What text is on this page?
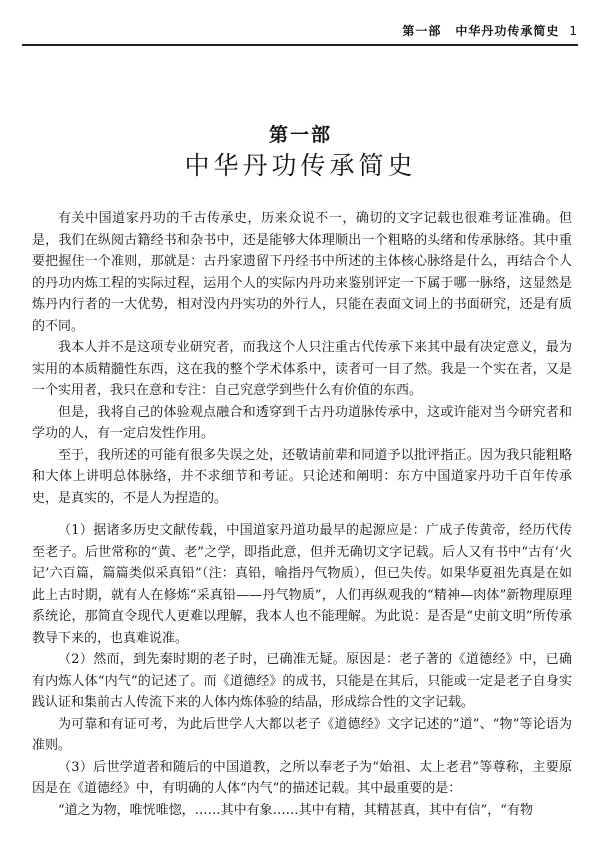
第一部 中华丹功传承简史 1
第一部
中华丹功传承简史

有关中国道家丹功的千古传承史，历来众说不一，确切的文字记载也很难考证准确。但是，我们在纵阅古籍经书和杂书中，还是能够大体理顺出一个粗略的头绪和传承脉络。其中重要把握住一个准则，那就是：古丹家遗留下丹经书中所述的主体核心脉络是什么，再结合个人的丹功内炼工程的实际过程，运用个人的实际内丹功来鉴别评定一下属于哪一脉络，这显然是炼丹内行者的一大优势，相对没内丹实功的外行人，只能在表面文词上的书面研究，还是有质的不同。

我本人并不是这项专业研究者，而我这个人只注重古代传承下来其中最有决定意义，最为实用的本质精髓性东西，这在我的整个学术体系中，读者可一目了然。我是一个实在者，又是一个实用者，我只在意和专注：自己究意学到些什么有价值的东西。

但是，我将自己的体验观点融合和透穿到千古丹功道脉传承中，这或许能对当今研究者和学功的人，有一定启发性作用。

至于，我所述的可能有很多失误之处，还敬请前辈和同道予以批评指正。因为我只能粗略和大体上讲明总体脉络，并不求细节和考证。只论述和阐明：东方中国道家丹功千百年传承史，是真实的，不是人为捏造的。

（1）据诸多历史文献传载，中国道家丹道功最早的起源应是：广成子传黄帝，经历代传至老子。后世常称的“黄、老”之学，即指此意，但并无确切文字记载。后人又有书中“古有‘火记’六百篇，篇篇类似采真铅”（注：真铅，喻指丹气物质），但已失传。如果华夏祖先真是在如此上古时期，就有人在修炼“采真铅——丹气物质”，人们再纵观我的“精神—肉体”新物理原理系统论，那简直令现代人更难以理解，我本人也不能理解。为此说：是否是“史前文明”所传承教导下来的，也真难说准。

（2）然而，到先秦时期的老子时，已确准无疑。原因是：老子著的《道德经》中，已确有内炼人体“内气”的记述了。而《道德经》的成书，只能是在其后，只能或一定是老子自身实践认证和集前古人传流下来的人体内炼体验的结晶，形成综合性的文字记载。

为可靠和有证可考，为此后世学人大都以老子《道德经》文字记述的“道”、“物”等论语为准则。

（3）后世学道者和随后的中国道教，之所以奉老子为“始祖、太上老君”等尊称，主要原因是在《道德经》中，有明确的人体“内气”的描述记载。其中最重要的是：

“道之为物，唯恍唯惚，……其中有象……其中有精，其精甚真，其中有信”，“有物
